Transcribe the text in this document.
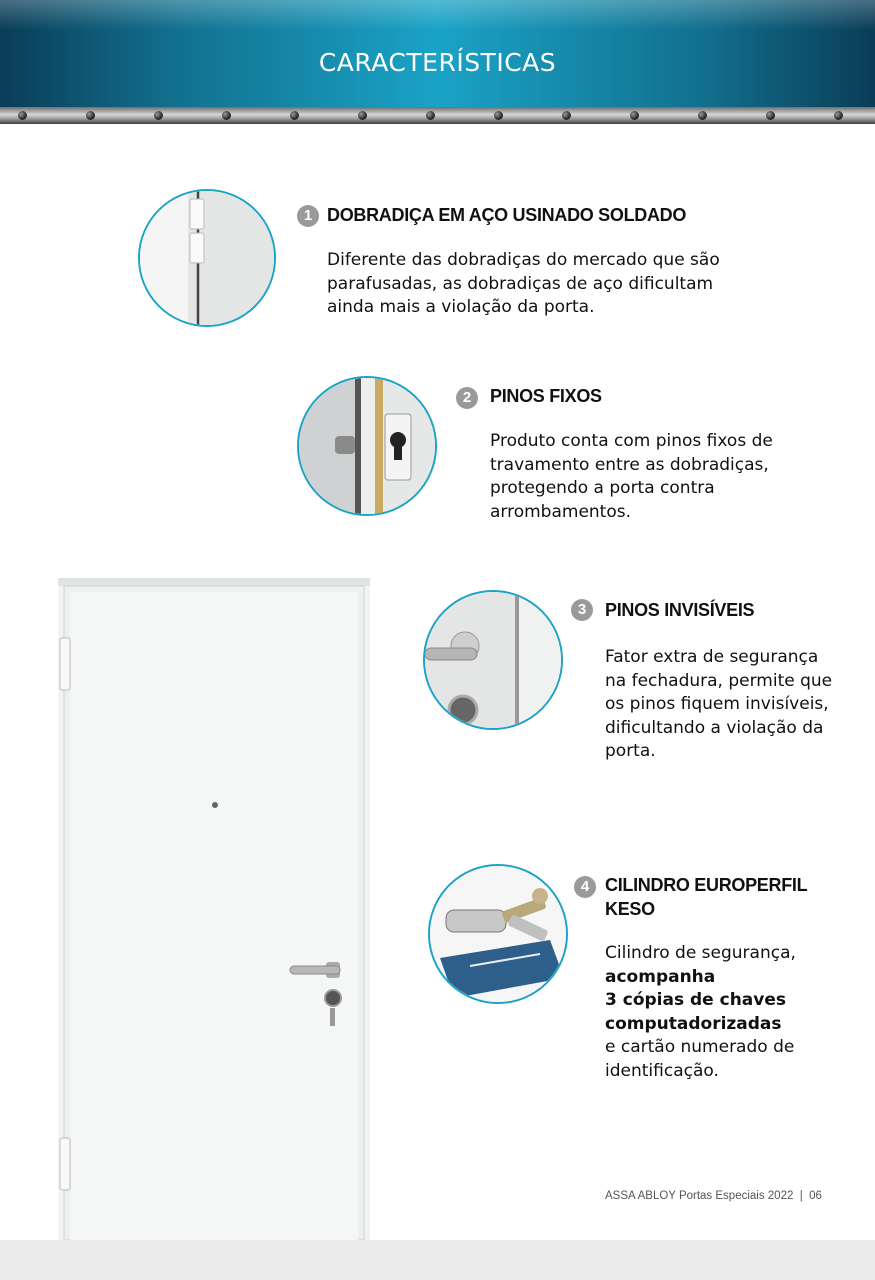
CARACTERÍSTICAS
1 DOBRADIÇA EM AÇO USINADO SOLDADO
Diferente das dobradiças do mercado que são parafusadas, as dobradiças de aço dificultam ainda mais a violação da porta.
2	PINOS FIXOS
Produto conta com pinos fixos de travamento entre as dobradiças, protegendo a porta contra arrombamentos.
3	PINOS INVISÍVEIS
Fator extra de segurança na fechadura, permite que os pinos fiquem invisíveis, dificultando a violação da porta.
4 CILINDRO EUROPERFIL
KESO
Cilindro de segurança,
acompanha
3 cópias de chaves
computadorizadas
e cartão numerado de
identificação.
ASSA ABLOY Portas Especiais 2022  |  06
